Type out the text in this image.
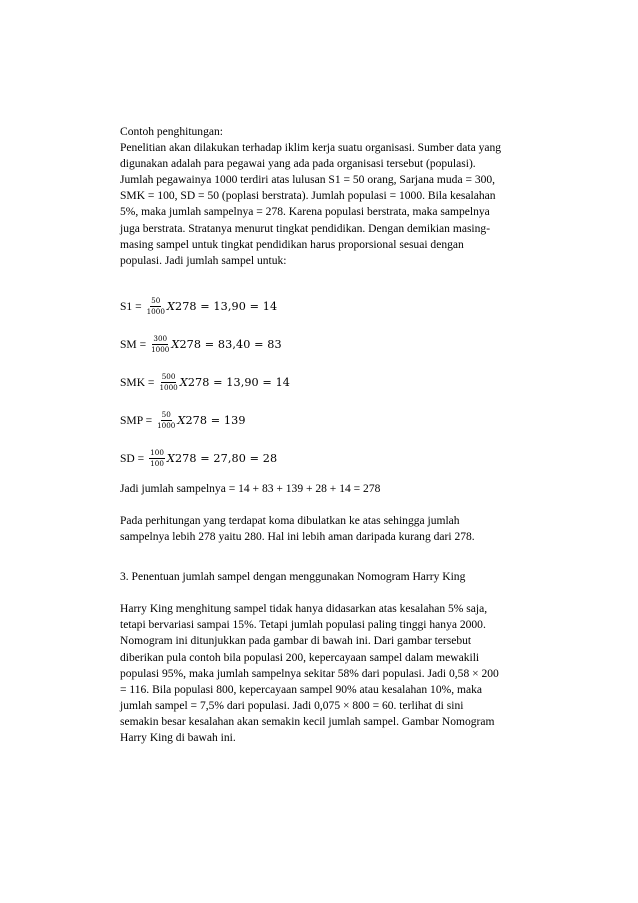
Contoh penghitungan:

Penelitian akan dilakukan terhadap iklim kerja suatu organisasi. Sumber data yang

digunakan adalah para pegawai yang ada pada organisasi tersebut (populasi).

Jumlah pegawainya 1000 terdiri atas lulusan S1 = 50 orang, Sarjana muda = 300,

SMK = 100, SD = 50 (poplasi berstrata). Jumlah populasi = 1000. Bila kesalahan

5%, maka jumlah sampelnya = 278. Karena populasi berstrata, maka sampelnya

juga berstrata. Stratanya menurut tingkat pendidikan. Dengan demikian masing-

masing sampel untuk tingkat pendidikan harus proporsional sesuai dengan

populasi. Jadi jumlah sampel untuk:

$S1 = \frac{50}{1000} X278 = 13,90 = 14$
SM = $\frac{300}{1000} X278 = 83,40 = 83$
SMK = $\frac{500}{1000} X278 = 13,90 = 14$
SMP = $\frac{50}{1000} X278 = 139$
SD = $\frac{100}{100} X278 = 27,80 = 28$

Jadi jumlah sampelnya = 14 + 83 + 139 + 28 + 14 = 278

Pada perhitungan yang terdapat koma dibulatkan ke atas sehingga jumlah

sampelnya lebih 278 yaitu 280. Hal ini lebih aman daripada kurang dari 278.

3. Penentuan jumlah sampel dengan menggunakan Nomogram Harry King

Harry King menghitung sampel tidak hanya didasarkan atas kesalahan 5% saja,

tetapi bervariasi sampai 15%. Tetapi jumlah populasi paling tinggi hanya 2000.

Nomogram ini ditunjukkan pada gambar di bawah ini. Dari gambar tersebut

diberikan pula contoh bila populasi 200, kepercayaan sampel dalam mewakili

populasi 95%, maka jumlah sampelnya sekitar 58% dari populasi. Jadi 0,58 × 200

= 116. Bila populasi 800, kepercayaan sampel 90% atau kesalahan 10%, maka

jumlah sampel = 7,5% dari populasi. Jadi 0,075 × 800 = 60. terlihat di sini

semakin besar kesalahan akan semakin kecil jumlah sampel. Gambar Nomogram

Harry King di bawah ini.
